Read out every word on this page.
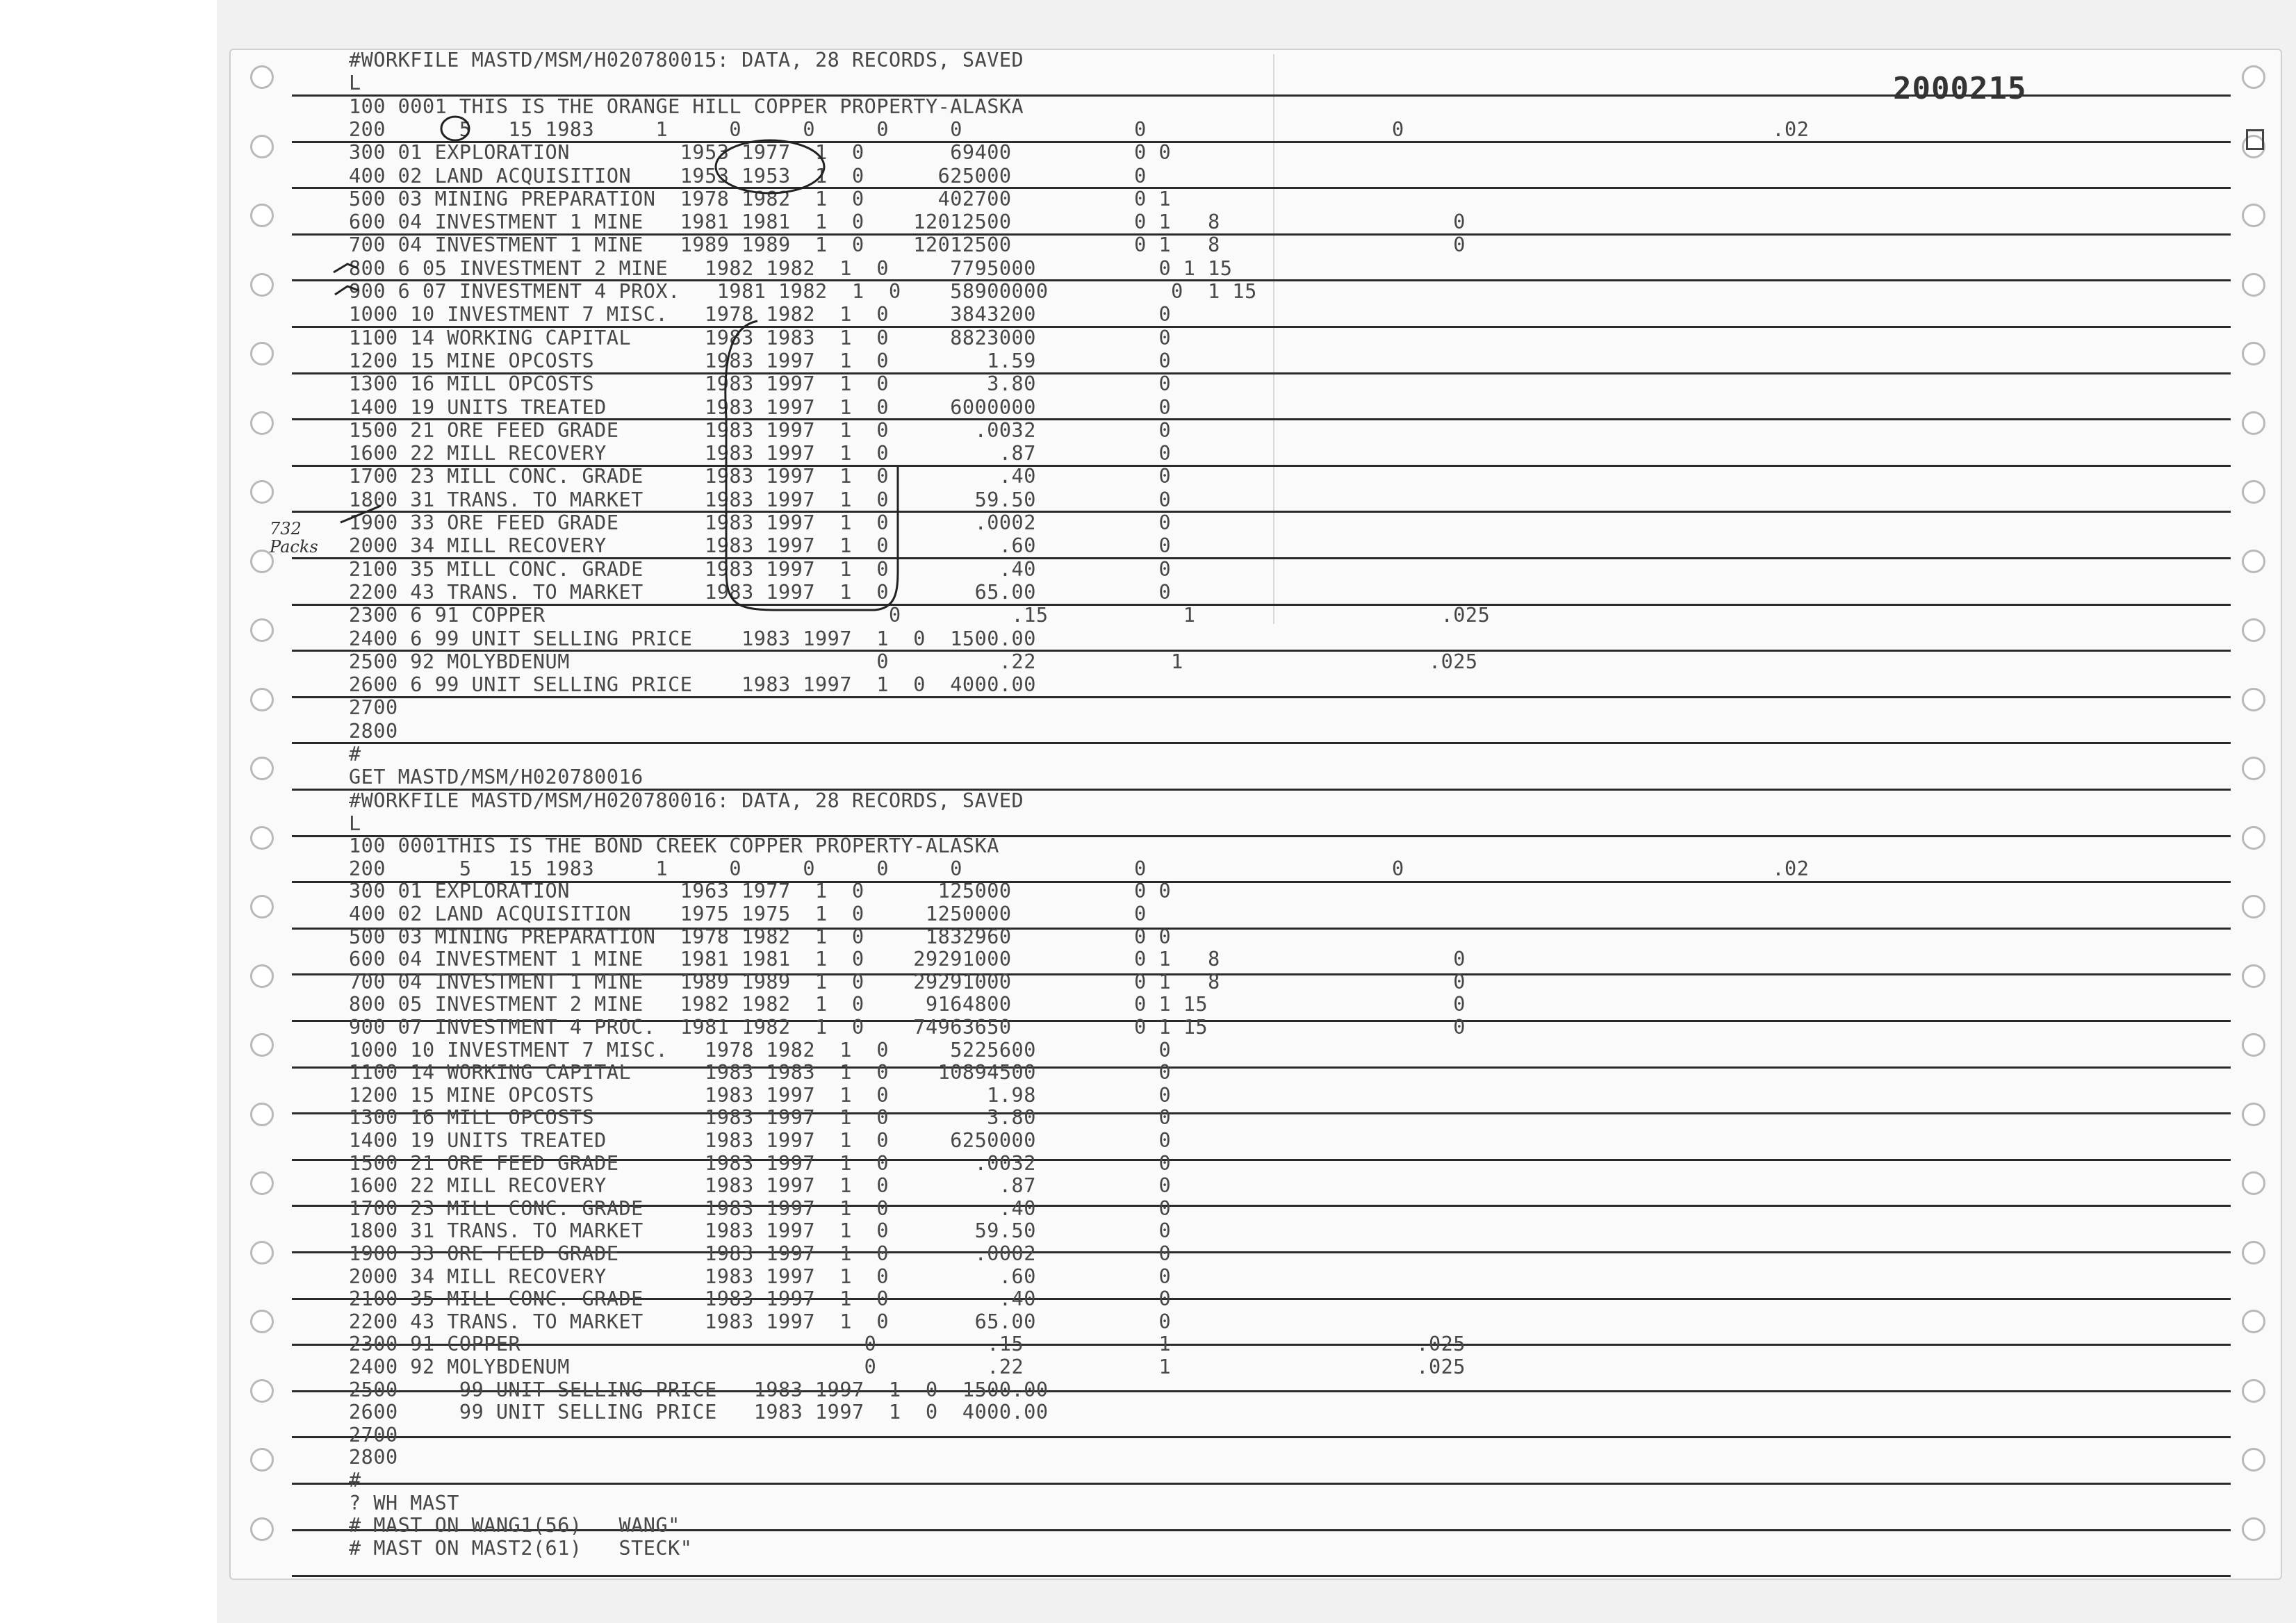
2000215
732
Packs
#WORKFILE MASTD/MSM/H020780015: DATA, 28 RECORDS, SAVED
L
100 0001 THIS IS THE ORANGE HILL COPPER PROPERTY-ALASKA
200      5   15 1983     1     0     0     0     0              0                    0                              .02
300 01 EXPLORATION         1953 1977  1  0       69400          0 0
400 02 LAND ACQUISITION    1953 1953  1  0      625000          0
500 03 MINING PREPARATION  1978 1982  1  0      402700          0 1
600 04 INVESTMENT 1 MINE   1981 1981  1  0    12012500          0 1   8                   0
700 04 INVESTMENT 1 MINE   1989 1989  1  0    12012500          0 1   8                   0
800 6 05 INVESTMENT 2 MINE   1982 1982  1  0     7795000          0 1 15
900 6 07 INVESTMENT 4 PROX.   1981 1982  1  0    58900000          0  1 15
1000 10 INVESTMENT 7 MISC.   1978 1982  1  0     3843200          0
1100 14 WORKING CAPITAL      1983 1983  1  0     8823000          0
1200 15 MINE OPCOSTS         1983 1997  1  0        1.59          0
1300 16 MILL OPCOSTS         1983 1997  1  0        3.80          0
1400 19 UNITS TREATED        1983 1997  1  0     6000000          0
1500 21 ORE FEED GRADE       1983 1997  1  0       .0032          0
1600 22 MILL RECOVERY        1983 1997  1  0         .87          0
1700 23 MILL CONC. GRADE     1983 1997  1  0         .40          0
1800 31 TRANS. TO MARKET     1983 1997  1  0       59.50          0
1900 33 ORE FEED GRADE       1983 1997  1  0       .0002          0
2000 34 MILL RECOVERY        1983 1997  1  0         .60          0
2100 35 MILL CONC. GRADE     1983 1997  1  0         .40          0
2200 43 TRANS. TO MARKET     1983 1997  1  0       65.00          0
2300 6 91 COPPER                            0         .15           1                    .025
2400 6 99 UNIT SELLING PRICE    1983 1997  1  0  1500.00
2500 92 MOLYBDENUM                         0         .22           1                    .025
2600 6 99 UNIT SELLING PRICE    1983 1997  1  0  4000.00
2700
2800
#
GET MASTD/MSM/H020780016
#WORKFILE MASTD/MSM/H020780016: DATA, 28 RECORDS, SAVED
L
100 0001THIS IS THE BOND CREEK COPPER PROPERTY-ALASKA
200      5   15 1983     1     0     0     0     0              0                    0                              .02
300 01 EXPLORATION         1963 1977  1  0      125000          0 0
400 02 LAND ACQUISITION    1975 1975  1  0     1250000          0
500 03 MINING PREPARATION  1978 1982  1  0     1832960          0 0
600 04 INVESTMENT 1 MINE   1981 1981  1  0    29291000          0 1   8                   0
700 04 INVESTMENT 1 MINE   1989 1989  1  0    29291000          0 1   8                   0
800 05 INVESTMENT 2 MINE   1982 1982  1  0     9164800          0 1 15                    0
900 07 INVESTMENT 4 PROC.  1981 1982  1  0    74963650          0 1 15                    0
1000 10 INVESTMENT 7 MISC.   1978 1982  1  0     5225600          0
1100 14 WORKING CAPITAL      1983 1983  1  0    10894500          0
1200 15 MINE OPCOSTS         1983 1997  1  0        1.98          0
1300 16 MILL OPCOSTS         1983 1997  1  0        3.80          0
1400 19 UNITS TREATED        1983 1997  1  0     6250000          0
1500 21 ORE FEED GRADE       1983 1997  1  0       .0032          0
1600 22 MILL RECOVERY        1983 1997  1  0         .87          0
1700 23 MILL CONC. GRADE     1983 1997  1  0         .40          0
1800 31 TRANS. TO MARKET     1983 1997  1  0       59.50          0
1900 33 ORE FEED GRADE       1983 1997  1  0       .0002          0
2000 34 MILL RECOVERY        1983 1997  1  0         .60          0
2100 35 MILL CONC. GRADE     1983 1997  1  0         .40          0
2200 43 TRANS. TO MARKET     1983 1997  1  0       65.00          0
2300 91 COPPER                            0         .15           1                    .025
2400 92 MOLYBDENUM                        0         .22           1                    .025
2500     99 UNIT SELLING PRICE   1983 1997  1  0  1500.00
2600     99 UNIT SELLING PRICE   1983 1997  1  0  4000.00
2700
2800
#
? WH MAST
# MAST ON WANG1(56)   WANG"
# MAST ON MAST2(61)   STECK"
